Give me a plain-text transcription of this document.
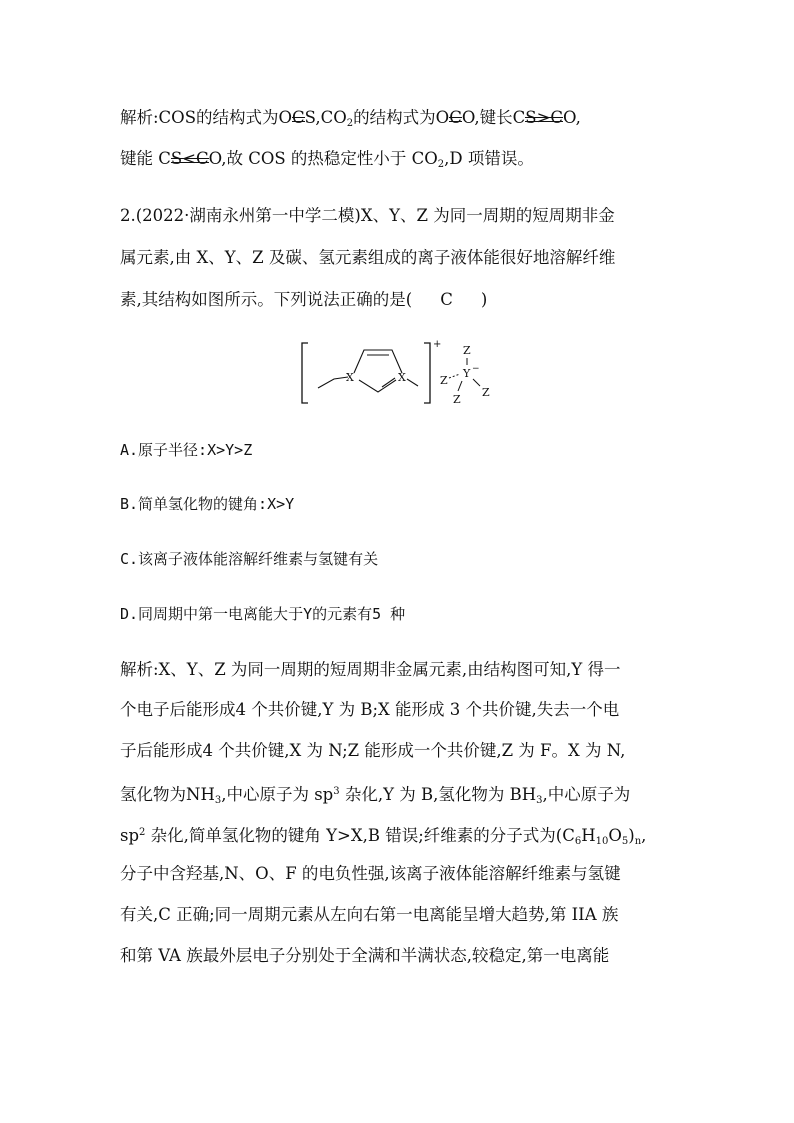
解析:COS的结构式为$OCS,CO_2$的结构式为OCO,键长CS>CO,
键能 CS<CO,故 COS 的热稳定性小于 $CO_2,D$ 项错误。
2.(2022·湖南永州第一中学二模)X、Y、Z 为同一周期的短周期非金
属元素,由 X、Y、Z 及碳、氢元素组成的离子液体能很好地溶解纤维
素,其结构如图所示。下列说法正确的是( C )
X	X
+ Z
Y −
Z
Z
Z
A.原子半径:X>Y>Z
B.简单氢化物的键角:X>Y
C.该离子液体能溶解纤维素与氢键有关
D.同周期中第一电离能大于Y的元素有5 种
解析:X、Y、Z 为同一周期的短周期非金属元素,由结构图可知,Y 得一
个电子后能形成4 个共价键,Y 为 B;X 能形成 3 个共价键,失去一个电
子后能形成4 个共价键,X 为 N;Z 能形成一个共价键,Z 为 F。X 为 N,
氢化物为$NH_3$,中心原子为 $sp^3$ 杂化,Y 为 B,氢化物为 $BH_3$,中心原子为
$sp^2$ 杂化,简单氢化物的键角 Y>X,B 错误;纤维素的分子式为$(C_6H_{10}O_5)_n$,
分子中含羟基,N、O、F 的电负性强,该离子液体能溶解纤维素与氢键
有关,C 正确;同一周期元素从左向右第一电离能呈增大趋势,第 IIA 族
和第 VA 族最外层电子分别处于全满和半满状态,较稳定,第一电离能
